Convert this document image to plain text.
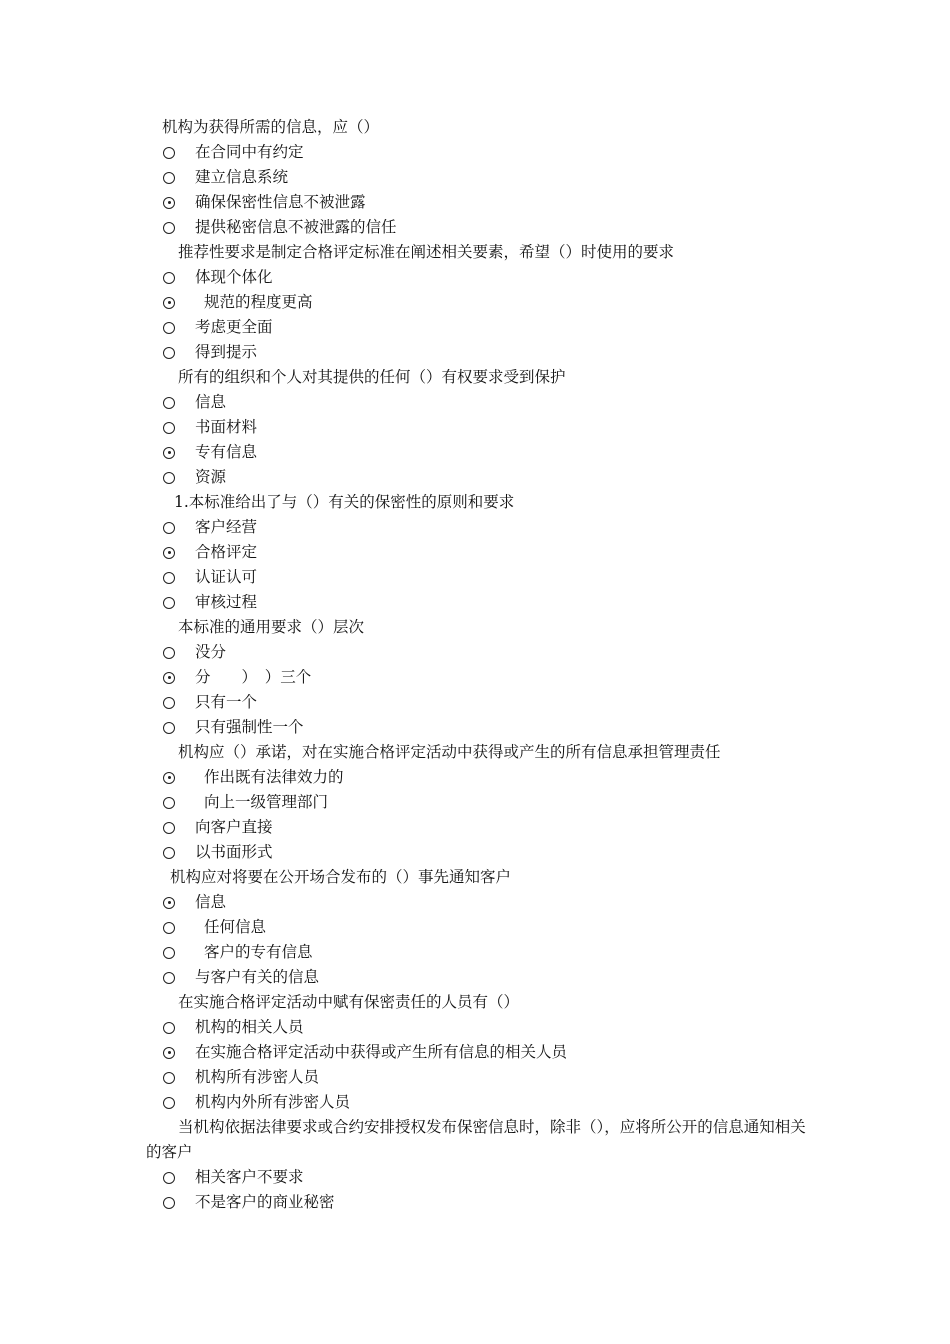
机构为获得所需的信息，应（）
在合同中有约定
建立信息系统
确保保密性信息不被泄露
提供秘密信息不被泄露的信任
推荐性要求是制定合格评定标准在阐述相关要素，希望（）时使用的要求
体现个体化
规范的程度更高
考虑更全面
得到提示
所有的组织和个人对其提供的任何（）有权要求受到保护
信息
书面材料
专有信息
资源
1.本标准给出了与（）有关的保密性的原则和要求
客户经营
合格评定
认证认可
审核过程
本标准的通用要求（）层次
没分
分　　）　）三个
只有一个
只有强制性一个
机构应（）承诺，对在实施合格评定活动中获得或产生的所有信息承担管理责任
作出既有法律效力的
向上一级管理部门
向客户直接
以书面形式
机构应对将要在公开场合发布的（）事先通知客户
信息
任何信息
客户的专有信息
与客户有关的信息
在实施合格评定活动中赋有保密责任的人员有（）
机构的相关人员
在实施合格评定活动中获得或产生所有信息的相关人员
机构所有涉密人员
机构内外所有涉密人员
当机构依据法律要求或合约安排授权发布保密信息时，除非（），应将所公开的信息通知相关的客户
相关客户不要求
不是客户的商业秘密
